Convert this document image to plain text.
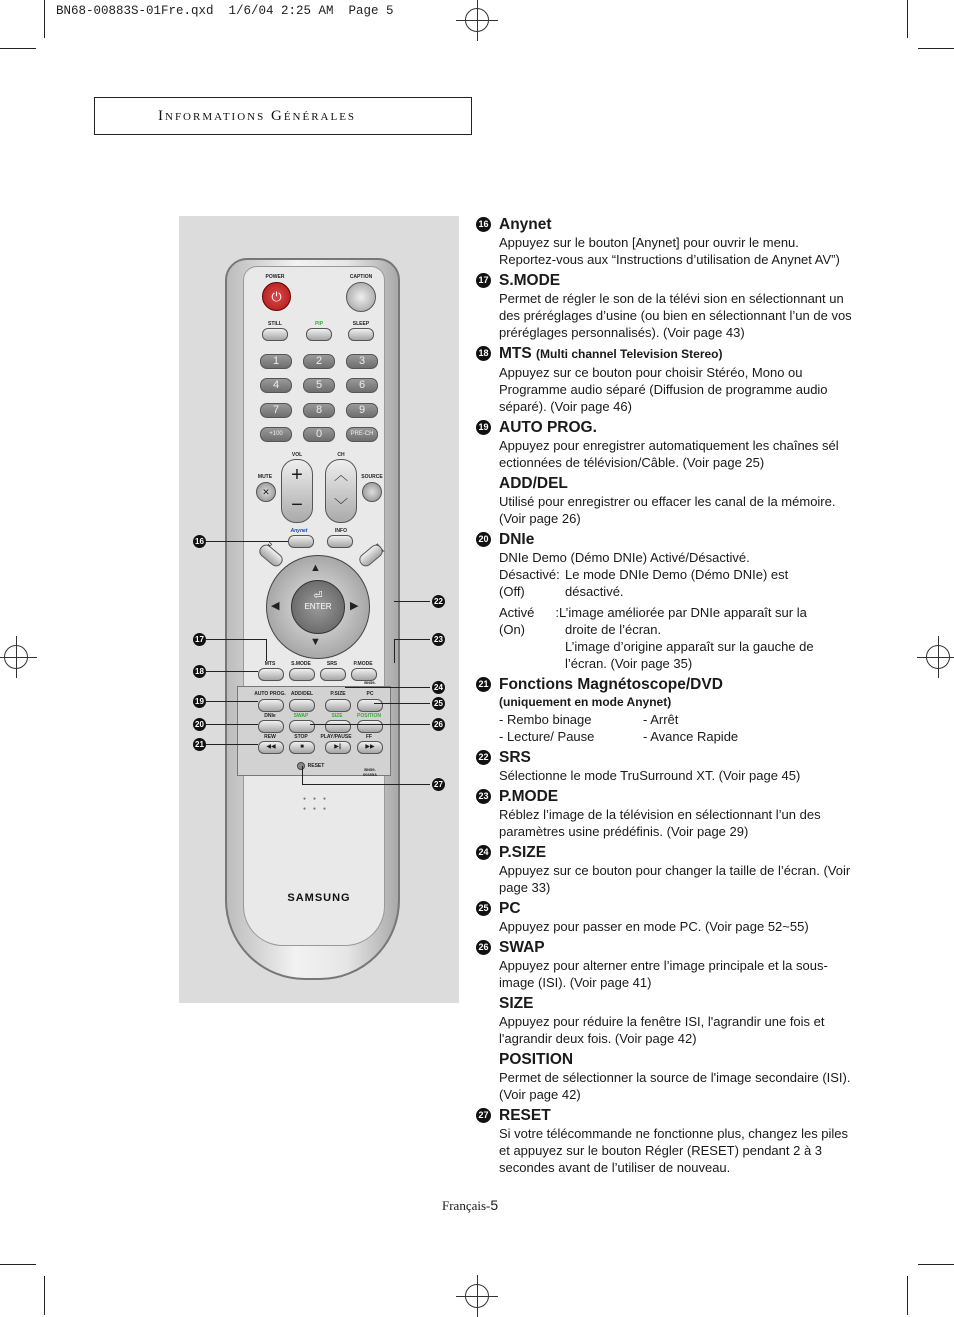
BN68-00883S-01Fre.qxd  1/6/04 2:25 AM  Page 5
Informations Générales
POWER
⏻
CAPTION
STILL	PIP	SLEEP
1	2	3
4	5	6
7	8	9
+100	0	PRE-CH
VOL	CH
+
−
︿
﹀
MUTE	SOURCE
✕
Anynet	INFO
▲
▼
◀	▶
⏎
ENTER
MTS	S.MODE	SRS	P.MODE
BN59-
AUTO PROG.	ADD/DEL	P.SIZE	PC
DNIe	SWAP	SIZE	POSITION
REW	STOP	PLAY/PAUSE	FF
◀◀	■	▶∥	▶▶
RESET
BN59-00485A
●●●
●●●
SAMSUNG
16
17
18
19
20
21
22
23
24
25
26
27
16 Anynet
Appuyez sur le bouton [Anynet] pour ouvrir le menu. Reportez-vous aux “Instructions d’utilisation de Anynet AV”)
17 S.MODE
Permet de régler le son de la télévi sion en sélectionnant un des préréglages d’usine (ou bien en sélectionnant l’un de vos préréglages personnalisés). (Voir page 43)
18 MTS (Multi channel Television Stereo)
Appuyez sur ce bouton pour choisir Stéréo, Mono ou Programme audio séparé (Diffusion de programme audio séparé). (Voir page 46)
19 AUTO PROG.
Appuyez pour enregistrer automatiquement les chaînes sél ectionnées de télévision/Câble. (Voir page 25)
ADD/DEL
Utilisé pour enregistrer ou effacer les canal de la mémoire. (Voir page 26)
20 DNIe
DNIe Demo (Démo DNIe) Activé/Désactivé.
Désactivé: Le mode DNIe Demo (Démo DNIe) est
(Off)	désactivé.
Activé : L’image améliorée par DNIe apparaît sur la
(On)	droite de l’écran.
L’image d’origine apparaît sur la gauche de
l’écran. (Voir page 35)
21 Fonctions Magnétoscope/DVD
(uniquement en mode Anynet)
- Rembo binage	- Arrêt
- Lecture/ Pause	- Avance Rapide
22 SRS
Sélectionne le mode TruSurround XT. (Voir page 45)
23 P.MODE
Réblez l’image de la télévision en sélectionnant l’un des paramètres usine prédéfinis. (Voir page 29)
24 P.SIZE
Appuyez sur ce bouton pour changer la taille de l’écran. (Voir page 33)
25 PC
Appuyez pour passer en mode PC. (Voir page 52~55)
26 SWAP
Appuyez pour alterner entre l’image principale et la sous-image (ISI). (Voir page 41)
SIZE
Appuyez pour réduire la fenêtre ISI, l'agrandir une fois et l'agrandir deux fois. (Voir page 42)
POSITION
Permet de sélectionner la source de l'image secondaire (ISI). (Voir page 42)
27 RESET
Si votre télécommande ne fonctionne plus, changez les piles et appuyez sur le bouton Régler (RESET) pendant 2 à 3 secondes avant de l’utiliser de nouveau.
Français-5
